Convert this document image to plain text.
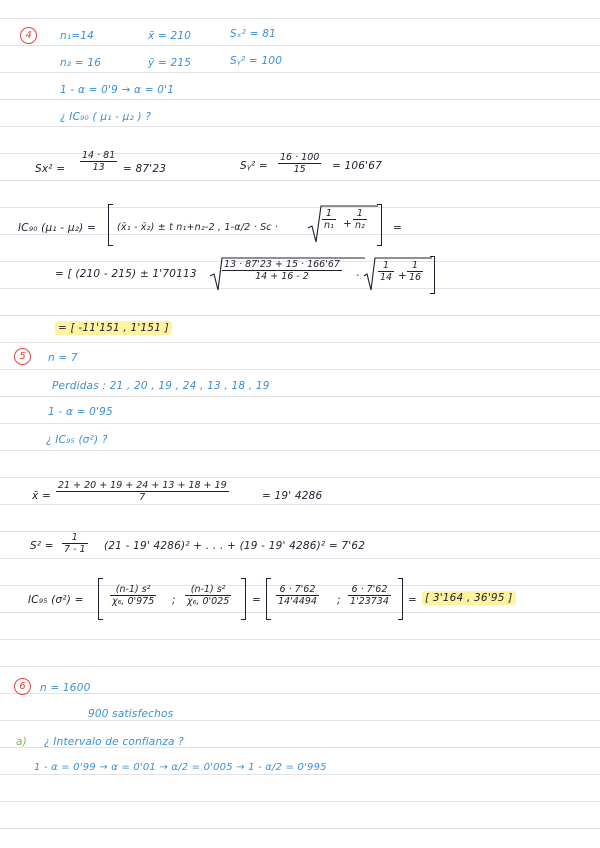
4	n₁=14	x̄ = 210	Sₓ² = 81
n₂ = 16	ȳ = 215	Sᵧ² = 100
1 - α = 0'9 → α = 0'1
¿ IC₉₀ ( μ₁ - μ₂ ) ?
$Sx^2 = \frac{14 \cdot 81}{13} = 87'23$	Sᵧ² = $\frac{16 \cdot 100}{15} = 106'67$
IC₉₀ (μ₁ - μ₂) = (x̄₁ - x̄₂) ± t n₁+n₂-2 , 1-α/2 · Sc ·	$\frac{1}{\text{n₁}} + \frac{1}{\text{n₂}}$ =
= [ (210 - 215) ± 1'70113	$\frac{13 \cdot 87'23 + 15 \cdot 166'67}{14 + 16 - 2} \cdot \frac{1}{14} + \frac{1}{16}$
= [ -11'151 , 1'151 ]
5	n = 7
Perdidas : 21 , 20 , 19 , 24 , 13 , 18 , 19
1 - α = 0'95
¿ IC₉₅ (σ²) ?
x̄ = $\frac{21 + 20 + 19 + 24 + 13 + 18 + 19}{7}$	= 19' 4286
$S^2 = \frac{1}{7 - 1} (21 - 19'$ 4286)² + . . . + (19 - 19' 4286)² = 7'62
IC₉₅ (σ²) =	$\frac{\text{(n-1) s²}}{\text{χ₆, 0'975}}$ ; $\frac{\text{(n-1) s²}}{\text{χ₆, 0'025}} = \frac{6 \cdot 7'62}{14'4494}$ ; $\frac{6 \cdot 7'62}{1'23734}$ = [ 3'164 , 36'95 ]
6	n = 1600
900 satisfechos
a) ¿ Intervalo de confianza ?
1 - α = 0'99 → α = 0'01 → α/2 = 0'005 → 1 - α/2 = 0'995
